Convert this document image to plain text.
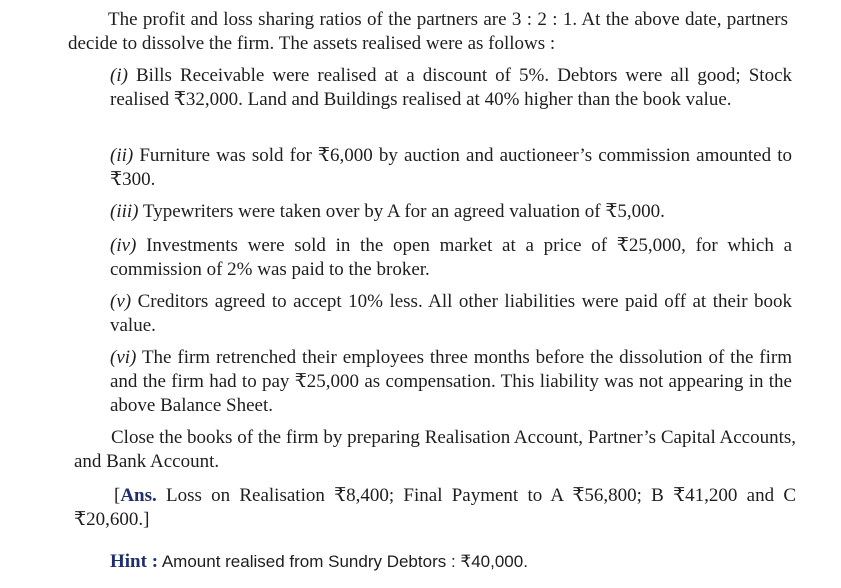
The profit and loss sharing ratios of the partners are 3 : 2 : 1. At the above date, partners decide to dissolve the firm. The assets realised were as follows :

(i) Bills Receivable were realised at a discount of 5%. Debtors were all good; Stock realised ₹32,000. Land and Buildings realised at 40% higher than the book value.
(ii) Furniture was sold for ₹6,000 by auction and auctioneer’s commission amounted to ₹300.
(iii) Typewriters were taken over by A for an agreed valuation of ₹5,000.
(iv) Investments were sold in the open market at a price of ₹25,000, for which a commission of 2% was paid to the broker.
(v) Creditors agreed to accept 10% less. All other liabilities were paid off at their book value.
(vi) The firm retrenched their employees three months before the dissolution of the firm and the firm had to pay ₹25,000 as compensation. This liability was not appearing in the above Balance Sheet.

Close the books of the firm by preparing Realisation Account, Partner’s Capital Accounts, and Bank Account.

[Ans. Loss on Realisation ₹8,400; Final Payment to A ₹56,800; B ₹41,200 and C ₹20,600.]

Hint : Amount realised from Sundry Debtors : ₹40,000.
